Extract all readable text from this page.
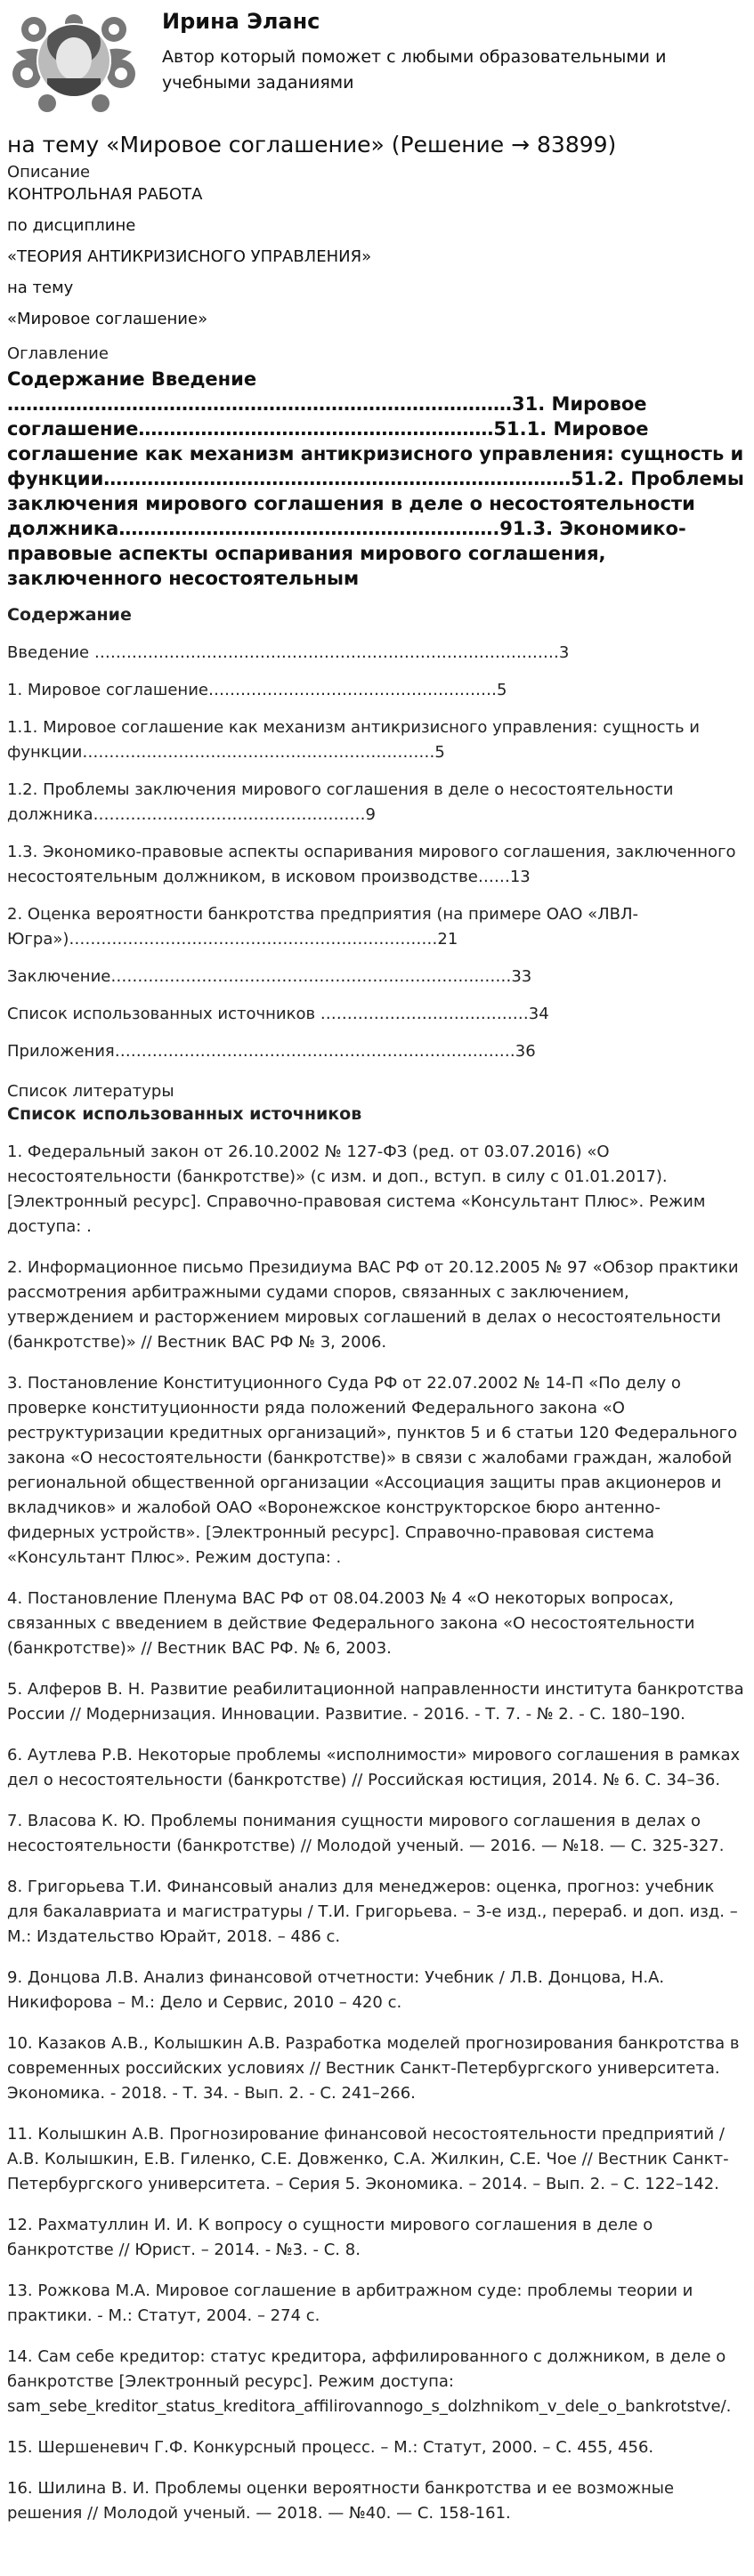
Ирина Эланс
Автор который поможет с любыми образовательными и учебными заданиями
на тему «Мировое соглашение» (Решение → 83899)
Описание
КОНТРОЛЬНАЯ РАБОТА
по дисциплине
«ТЕОРИЯ АНТИКРИЗИСНОГО УПРАВЛЕНИЯ»
на тему
«Мировое соглашение»
Оглавление
Содержание Введение ………………………………………………………………………31. Мировое соглашение…………………………………………………51.1. Мировое соглашение как механизм антикризисного управления: сущность и функции…………………………………………………………………51.2. Проблемы заключения мирового соглашения в деле о несостоятельности должника…………………………………………………….91.3. Экономико-правовые аспекты оспаривания мирового соглашения, заключенного несостоятельным
Содержание

Введение ……………………………………………………………………………3

1. Мировое соглашение………………………………………………5

1.1. Мировое соглашение как механизм антикризисного управления: сущность и функции…………………………………………………………5

1.2. Проблемы заключения мирового соглашения в деле о несостоятельности должника……………………………………………9

1.3. Экономико-правовые аспекты оспаривания мирового соглашения, заключенного несостоятельным должником, в исковом производстве……13

2. Оценка вероятности банкротства предприятия (на примере ОАО «ЛВЛ-Югра»)……………………………………………………………21

Заключение…………………………………………………………………33

Список использованных источников …………………………………34

Приложения…………………………………………………………………36

Список литературы
Список использованных источников

1. Федеральный закон от 26.10.2002 № 127-ФЗ (ред. от 03.07.2016) «О несостоятельности (банкротстве)» (с изм. и доп., вступ. в силу с 01.01.2017). [Электронный ресурс]. Справочно-правовая система «Консультант Плюс». Режим доступа: .

2. Информационное письмо Президиума ВАС РФ от 20.12.2005 № 97 «Обзор практики рассмотрения арбитражными судами споров, связанных с заключением, утверждением и расторжением мировых соглашений в делах о несостоятельности (банкротстве)» // Вестник ВАС РФ № 3, 2006.

3. Постановление Конституционного Суда РФ от 22.07.2002 № 14-П «По делу о проверке конституционности ряда положений Федерального закона «О реструктуризации кредитных организаций», пунктов 5 и 6 статьи 120 Федерального закона «О несостоятельности (банкротстве)» в связи с жалобами граждан, жалобой региональной общественной организации «Ассоциация защиты прав акционеров и вкладчиков» и жалобой ОАО «Воронежское конструкторское бюро антенно-фидерных устройств». [Электронный ресурс]. Справочно-правовая система «Консультант Плюс». Режим доступа: .

4. Постановление Пленума ВАС РФ от 08.04.2003 № 4 «О некоторых вопросах, связанных с введением в действие Федерального закона «О несостоятельности (банкротстве)» // Вестник ВАС РФ. № 6, 2003.

5. Алферов В. Н. Развитие реабилитационной направленности института банкротства России // Модернизация. Инновации. Развитие. - 2016. - Т. 7. - № 2. - С. 180–190.

6. Аутлева Р.В. Некоторые проблемы «исполнимости» мирового соглашения в рамках дел о несостоятельности (банкротстве) // Российская юстиция, 2014. № 6. С. 34–36.

7. Власова К. Ю. Проблемы понимания сущности мирового соглашения в делах о несостоятельности (банкротстве) // Молодой ученый. — 2016. — №18. — С. 325-327.

8. Григорьева Т.И. Финансовый анализ для менеджеров: оценка, прогноз: учебник для бакалавриата и магистратуры / Т.И. Григорьева. – 3-е изд., перераб. и доп. изд. – М.: Издательство Юрайт, 2018. – 486 с.

9. Донцова Л.В. Анализ финансовой отчетности: Учебник / Л.В. Донцова, Н.А. Никифорова – М.: Дело и Сервис, 2010 – 420 с.

10. Казаков А.В., Колышкин А.В. Разработка моделей прогнозирования банкротства в современных российских условиях // Вестник Санкт-Петербургского университета. Экономика. - 2018. - Т. 34. - Вып. 2. - С. 241–266.

11. Колышкин А.В. Прогнозирование финансовой несостоятельности предприятий / А.В. Колышкин, Е.В. Гиленко, С.Е. Довженко, С.А. Жилкин, С.Е. Чое // Вестник Санкт-Петербургского университета. – Серия 5. Экономика. – 2014. – Вып. 2. – С. 122–142.

12. Рахматуллин И. И. К вопросу о сущности мирового соглашения в деле о банкротстве // Юрист. – 2014. - №3. - С. 8.

13. Рожкова М.А. Мировое соглашение в арбитражном суде: проблемы теории и практики. - М.: Статут, 2004. – 274 с.

14. Сам себе кредитор: статус кредитора, аффилированного с должником, в деле о банкротстве [Электронный ресурс]. Режим доступа: sam_sebe_kreditor_status_kreditora_affilirovannogo_s_dolzhnikom_v_dele_o_bankrotstve/.

15. Шершеневич Г.Ф. Конкурсный процесс. – М.: Статут, 2000. – С. 455, 456.

16. Шилина В. И. Проблемы оценки вероятности банкротства и ее возможные решения // Молодой ученый. — 2018. — №40. — С. 158-161.
